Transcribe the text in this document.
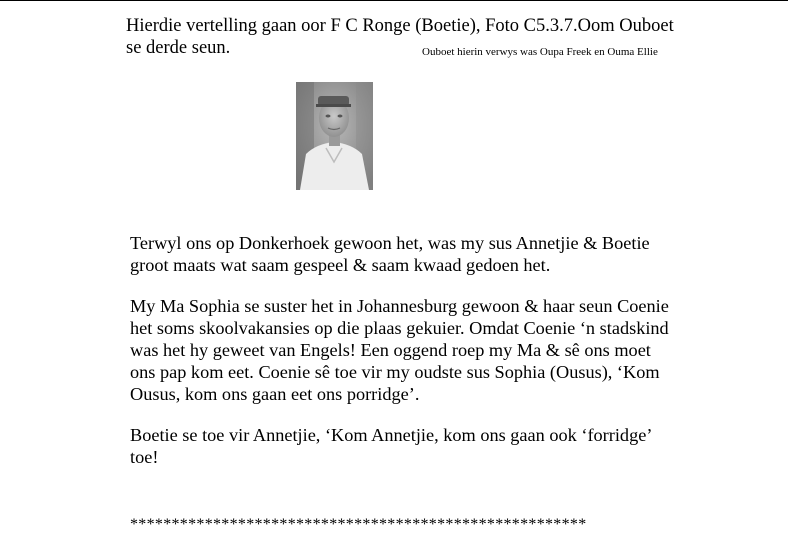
Hierdie vertelling gaan oor F C Ronge (Boetie), Foto C5.3.7.Oom Ouboet
se derde seun.	Ouboet hierin verwys was Oupa Freek en Ouma Ellie
Terwyl ons op Donkerhoek gewoon het, was my sus Annetjie & Boetie
groot maats wat saam gespeel & saam kwaad gedoen het.
My Ma Sophia se suster het in Johannesburg gewoon & haar seun Coenie
het soms skoolvakansies op die plaas gekuier. Omdat Coenie ‘n stadskind
was het hy geweet van Engels! Een oggend roep my Ma & sê ons moet
ons pap kom eet. Coenie sê toe vir my oudste sus Sophia (Ousus), ‘Kom
Ousus, kom ons gaan eet ons porridge’.
Boetie se toe vir Annetjie, ‘Kom Annetjie, kom ons gaan ook ‘forridge’
toe!
*******************************************************
